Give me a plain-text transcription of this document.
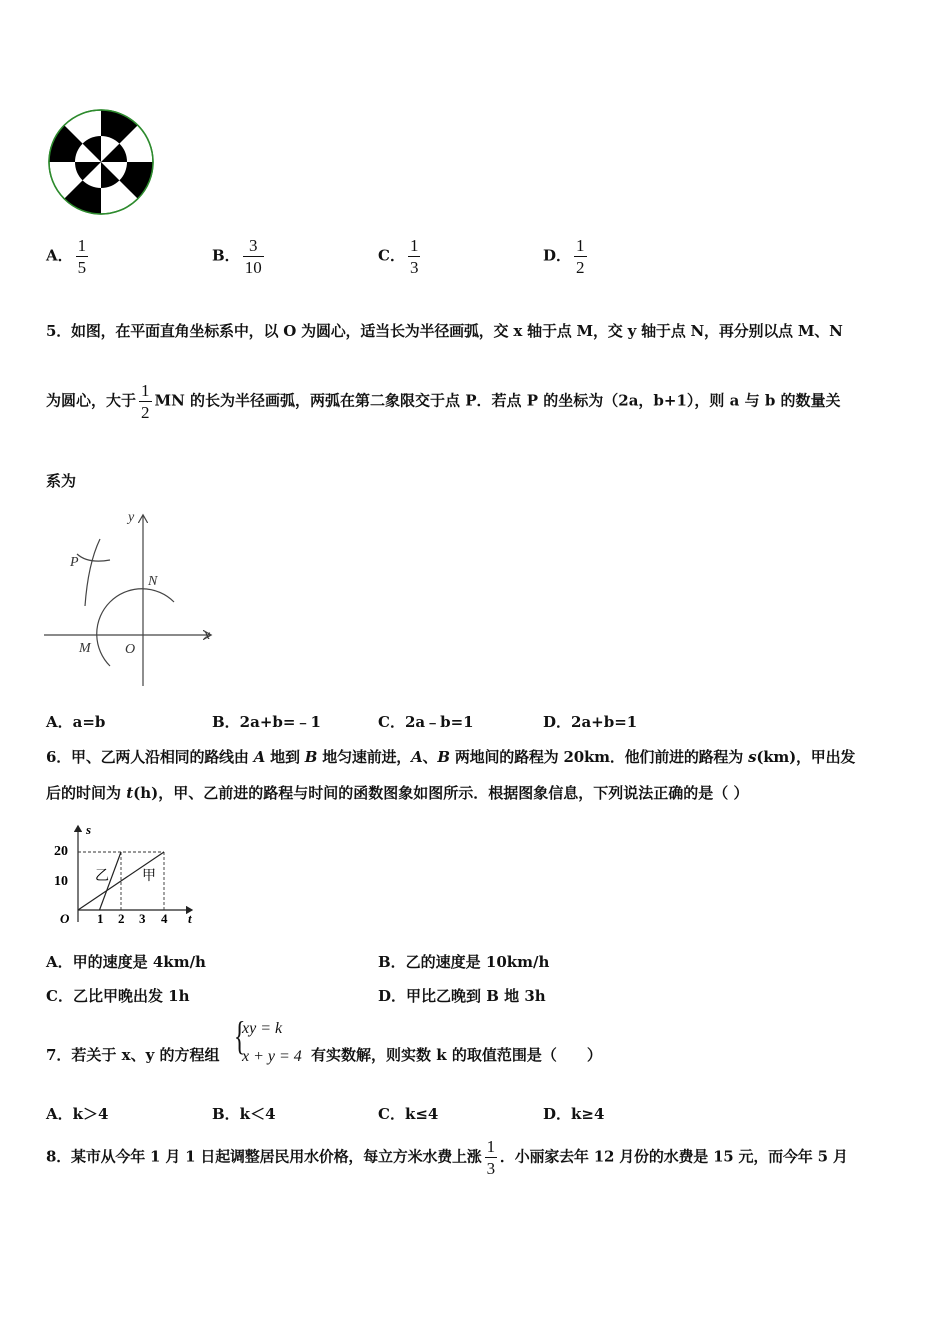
A． $\frac{1}{5}$	B． $\frac{3}{10}$	C． $\frac{1}{3}$	D． $\frac{1}{2}$
5．如图，在平面直角坐标系中，以 O 为圆心，适当长为半径画弧，交 x 轴于点 M，交 y 轴于点 N，再分别以点 M、N
为圆心，大于 $\frac{1}{2}$ MN 的长为半径画弧，两弧在第二象限交于点 P．若点 P 的坐标为（2a，b+1），则 a 与 b 的数量关
系为
y
x
P
N
M O
A．a=b	B．2a+b=﹣1	C．2a﹣b=1	D．2a+b=1
6．甲、乙两人沿相同的路线由 A 地到 B 地匀速前进，A、B 两地间的路程为 20km．他们前进的路程为 s(km)，甲出发
后的时间为 t(h)，甲、乙前进的路程与时间的函数图象如图所示．根据图象信息，下列说法正确的是（ ）
s
t
20
10
O 1 2 3 4
乙 甲
A．甲的速度是 4km/h	B．乙的速度是 10km/h
C．乙比甲晚出发 1h	D．甲比乙晚到 B 地 3h
7．若关于 x、y 的方程组 {
xy = k
x + y = 4 有实数解，则实数 k 的取值范围是（　　）
A．k＞4	B．k＜4	C．k≤4	D．k≥4
8．某市从今年 1 月 1 日起调整居民用水价格，每立方米水费上涨 $\frac{1}{3}$ ．小丽家去年 12 月份的水费是 15 元，而今年 5 月
